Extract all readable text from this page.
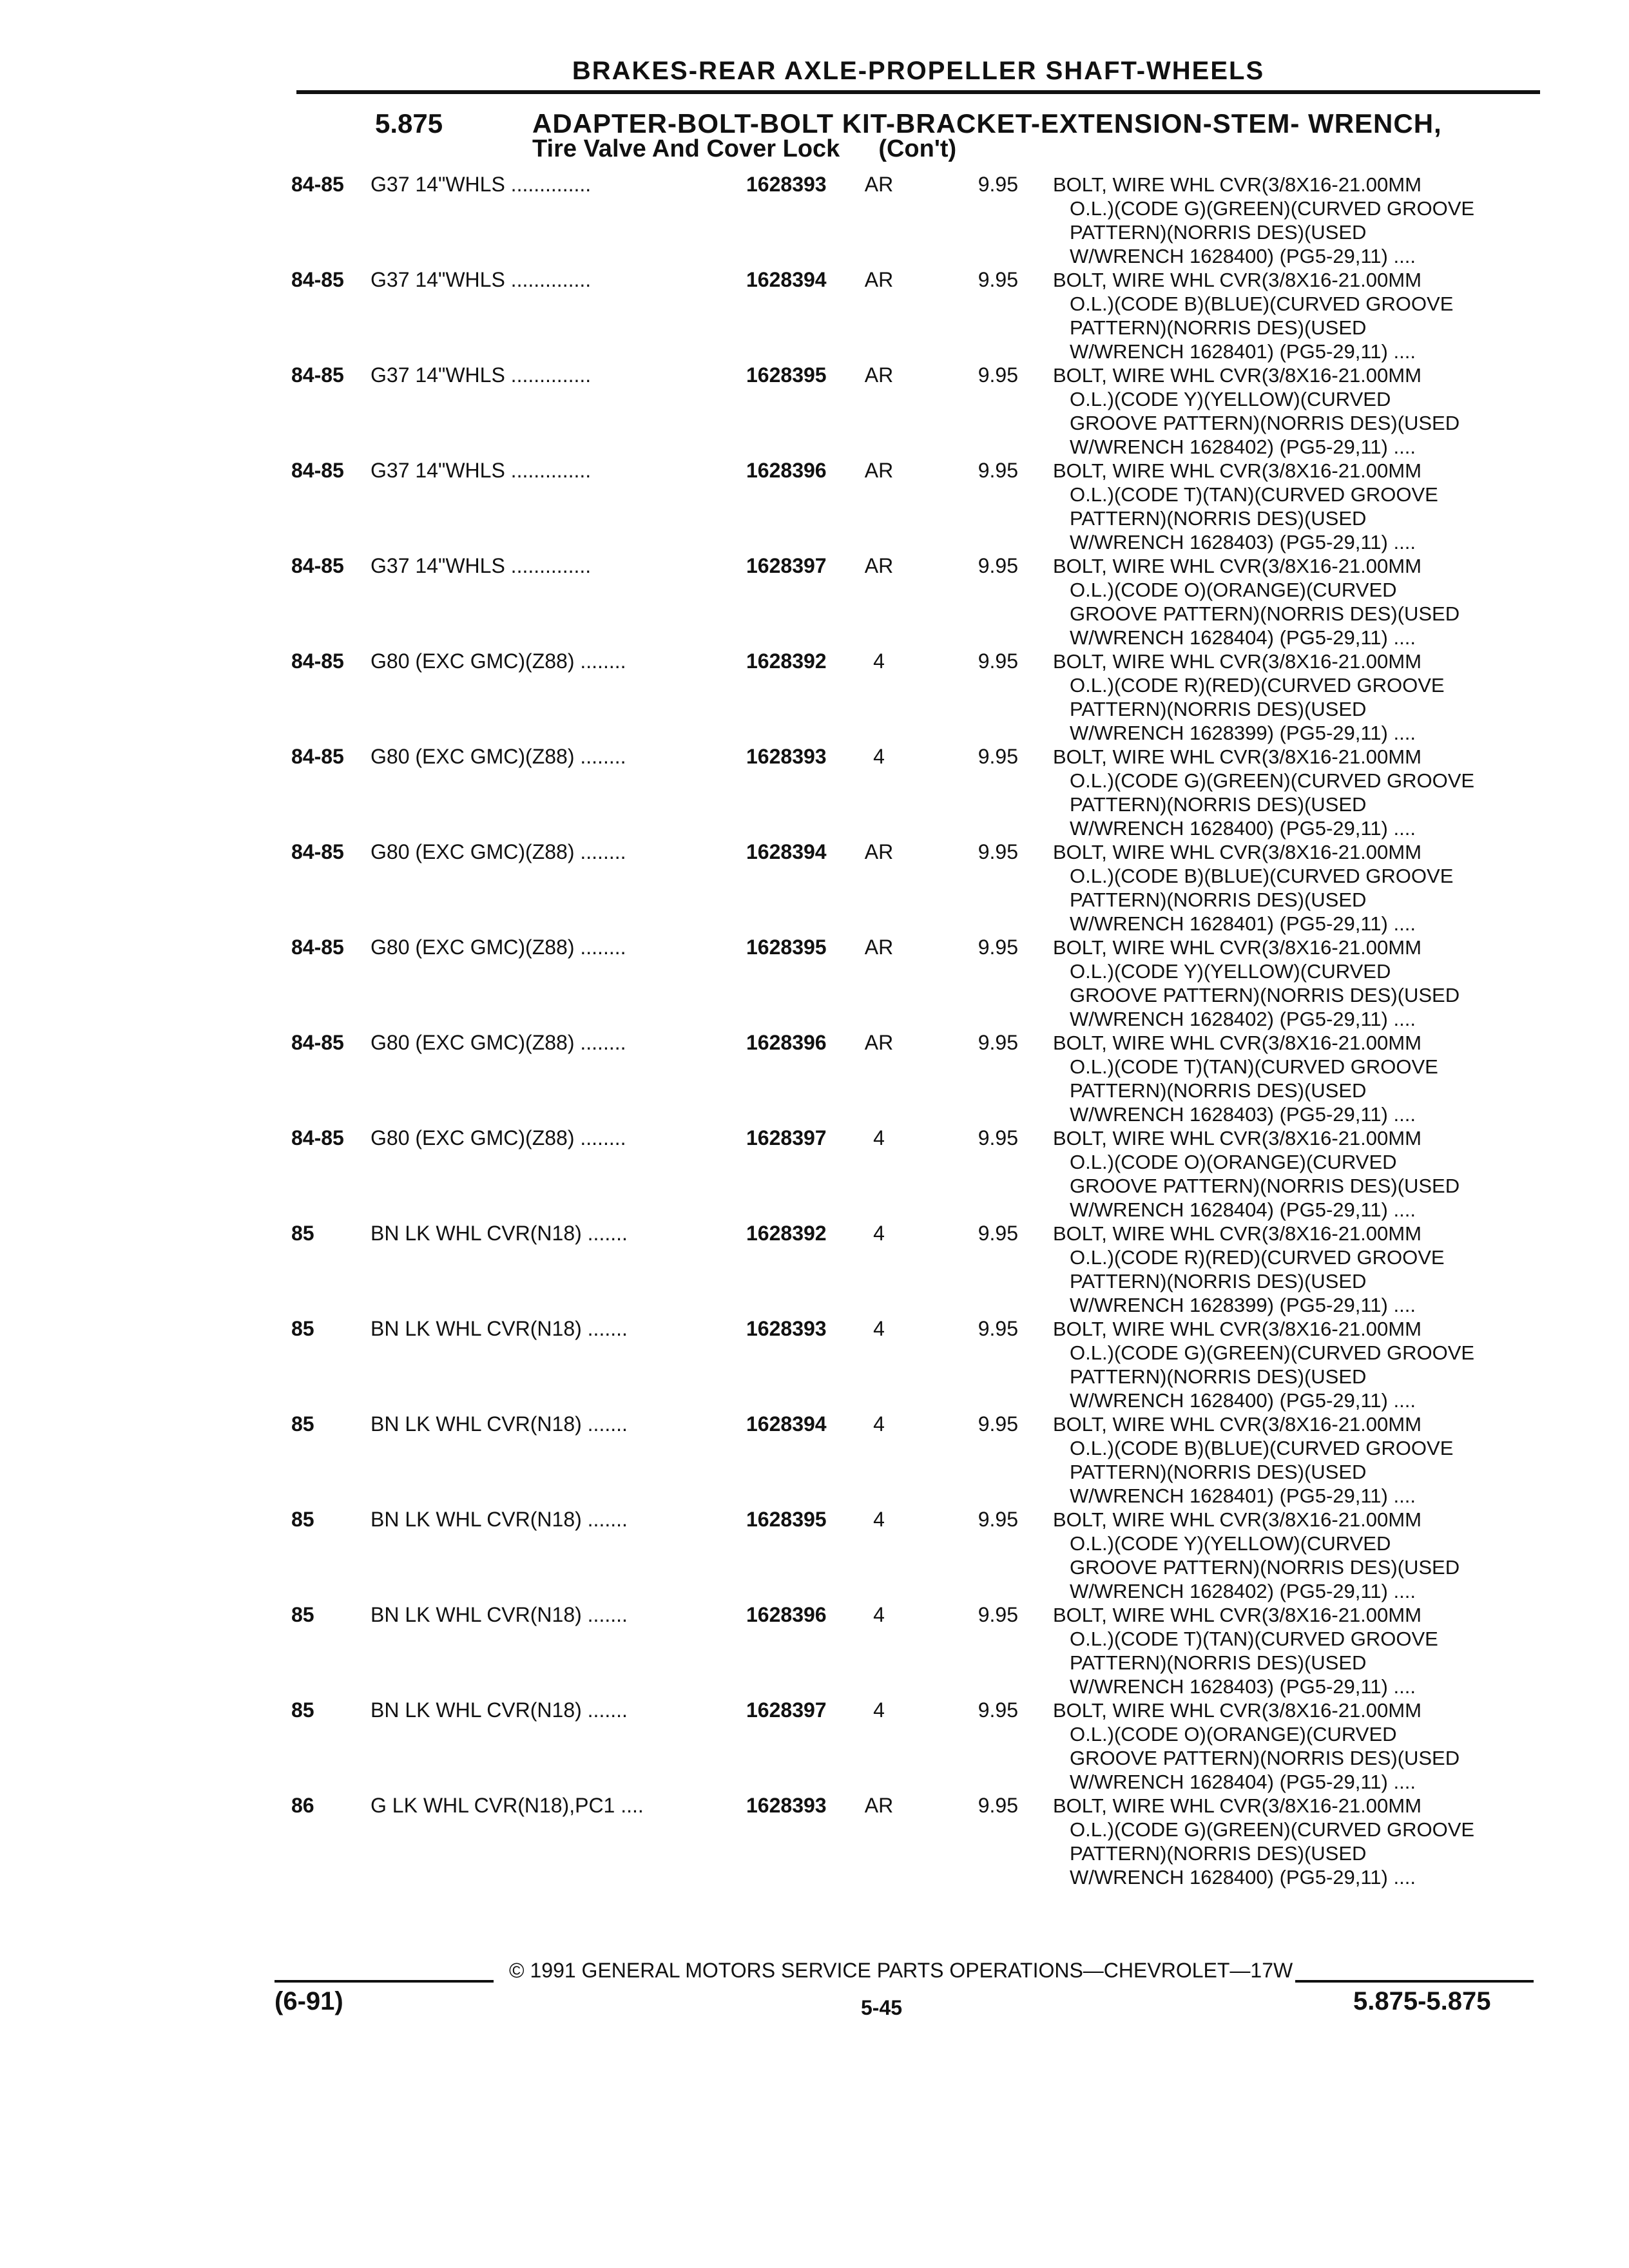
BRAKES-REAR AXLE-PROPELLER SHAFT-WHEELS
5.875	ADAPTER-BOLT-BOLT KIT-BRACKET-EXTENSION-STEM- WRENCH,
Tire Valve And Cover Lock (Con't)
84-85 G37 14"WHLS ..............	1628393 AR	9.95 BOLT, WIRE WHL CVR(3/8X16-21.00MM
O.L.)(CODE G)(GREEN)(CURVED GROOVE
PATTERN)(NORRIS DES)(USED
W/WRENCH 1628400) (PG5-29,11) ....
84-85 G37 14"WHLS ..............	1628394 AR	9.95 BOLT, WIRE WHL CVR(3/8X16-21.00MM
O.L.)(CODE B)(BLUE)(CURVED GROOVE
PATTERN)(NORRIS DES)(USED
W/WRENCH 1628401) (PG5-29,11) ....
84-85 G37 14"WHLS ..............	1628395 AR	9.95 BOLT, WIRE WHL CVR(3/8X16-21.00MM
O.L.)(CODE Y)(YELLOW)(CURVED
GROOVE PATTERN)(NORRIS DES)(USED
W/WRENCH 1628402) (PG5-29,11) ....
84-85 G37 14"WHLS ..............	1628396 AR	9.95 BOLT, WIRE WHL CVR(3/8X16-21.00MM
O.L.)(CODE T)(TAN)(CURVED GROOVE
PATTERN)(NORRIS DES)(USED
W/WRENCH 1628403) (PG5-29,11) ....
84-85 G37 14"WHLS ..............	1628397 AR	9.95 BOLT, WIRE WHL CVR(3/8X16-21.00MM
O.L.)(CODE O)(ORANGE)(CURVED
GROOVE PATTERN)(NORRIS DES)(USED
W/WRENCH 1628404) (PG5-29,11) ....
84-85 G80 (EXC GMC)(Z88) ........	1628392	4	9.95 BOLT, WIRE WHL CVR(3/8X16-21.00MM
O.L.)(CODE R)(RED)(CURVED GROOVE
PATTERN)(NORRIS DES)(USED
W/WRENCH 1628399) (PG5-29,11) ....
84-85 G80 (EXC GMC)(Z88) ........	1628393	4	9.95 BOLT, WIRE WHL CVR(3/8X16-21.00MM
O.L.)(CODE G)(GREEN)(CURVED GROOVE
PATTERN)(NORRIS DES)(USED
W/WRENCH 1628400) (PG5-29,11) ....
84-85 G80 (EXC GMC)(Z88) ........	1628394 AR	9.95 BOLT, WIRE WHL CVR(3/8X16-21.00MM
O.L.)(CODE B)(BLUE)(CURVED GROOVE
PATTERN)(NORRIS DES)(USED
W/WRENCH 1628401) (PG5-29,11) ....
84-85 G80 (EXC GMC)(Z88) ........	1628395 AR	9.95 BOLT, WIRE WHL CVR(3/8X16-21.00MM
O.L.)(CODE Y)(YELLOW)(CURVED
GROOVE PATTERN)(NORRIS DES)(USED
W/WRENCH 1628402) (PG5-29,11) ....
84-85 G80 (EXC GMC)(Z88) ........	1628396 AR	9.95 BOLT, WIRE WHL CVR(3/8X16-21.00MM
O.L.)(CODE T)(TAN)(CURVED GROOVE
PATTERN)(NORRIS DES)(USED
W/WRENCH 1628403) (PG5-29,11) ....
84-85 G80 (EXC GMC)(Z88) ........	1628397	4	9.95 BOLT, WIRE WHL CVR(3/8X16-21.00MM
O.L.)(CODE O)(ORANGE)(CURVED
GROOVE PATTERN)(NORRIS DES)(USED
W/WRENCH 1628404) (PG5-29,11) ....
85	BN LK WHL CVR(N18) .......	1628392	4	9.95 BOLT, WIRE WHL CVR(3/8X16-21.00MM
O.L.)(CODE R)(RED)(CURVED GROOVE
PATTERN)(NORRIS DES)(USED
W/WRENCH 1628399) (PG5-29,11) ....
85	BN LK WHL CVR(N18) .......	1628393	4	9.95 BOLT, WIRE WHL CVR(3/8X16-21.00MM
O.L.)(CODE G)(GREEN)(CURVED GROOVE
PATTERN)(NORRIS DES)(USED
W/WRENCH 1628400) (PG5-29,11) ....
85	BN LK WHL CVR(N18) .......	1628394	4	9.95 BOLT, WIRE WHL CVR(3/8X16-21.00MM
O.L.)(CODE B)(BLUE)(CURVED GROOVE
PATTERN)(NORRIS DES)(USED
W/WRENCH 1628401) (PG5-29,11) ....
85	BN LK WHL CVR(N18) .......	1628395	4	9.95 BOLT, WIRE WHL CVR(3/8X16-21.00MM
O.L.)(CODE Y)(YELLOW)(CURVED
GROOVE PATTERN)(NORRIS DES)(USED
W/WRENCH 1628402) (PG5-29,11) ....
85	BN LK WHL CVR(N18) .......	1628396	4	9.95 BOLT, WIRE WHL CVR(3/8X16-21.00MM
O.L.)(CODE T)(TAN)(CURVED GROOVE
PATTERN)(NORRIS DES)(USED
W/WRENCH 1628403) (PG5-29,11) ....
85	BN LK WHL CVR(N18) .......	1628397	4	9.95 BOLT, WIRE WHL CVR(3/8X16-21.00MM
O.L.)(CODE O)(ORANGE)(CURVED
GROOVE PATTERN)(NORRIS DES)(USED
W/WRENCH 1628404) (PG5-29,11) ....
86	G LK WHL CVR(N18),PC1 ....	1628393 AR	9.95 BOLT, WIRE WHL CVR(3/8X16-21.00MM
O.L.)(CODE G)(GREEN)(CURVED GROOVE
PATTERN)(NORRIS DES)(USED
W/WRENCH 1628400) (PG5-29,11) ....
© 1991 GENERAL MOTORS SERVICE PARTS OPERATIONS—CHEVROLET—17W
(6-91)	5-45	5.875-5.875
